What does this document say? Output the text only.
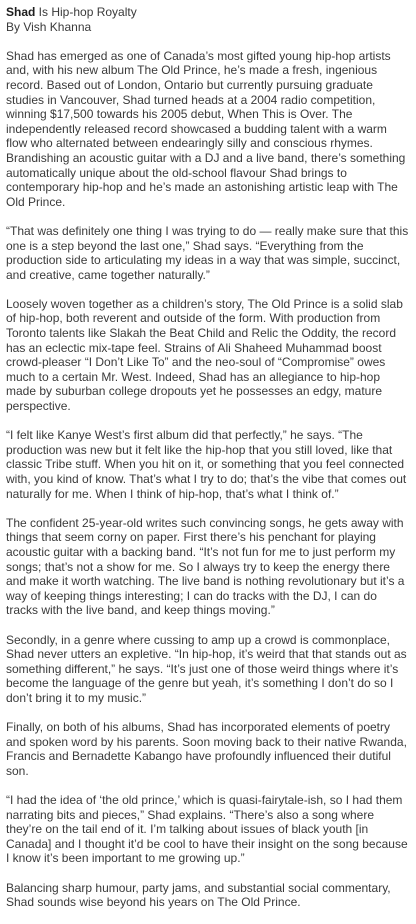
Shad Is Hip-hop Royalty
By Vish Khanna

Shad has emerged as one of Canada’s most gifted young hip-hop artists and, with his new album The Old Prince, he’s made a fresh, ingenious record. Based out of London, Ontario but currently pursuing graduate studies in Vancouver, Shad turned heads at a 2004 radio competition, winning $17,500 towards his 2005 debut, When This is Over. The independently released record showcased a budding talent with a warm flow who alternated between endearingly silly and conscious rhymes. Brandishing an acoustic guitar with a DJ and a live band, there’s something automatically unique about the old-school flavour Shad brings to contemporary hip-hop and he’s made an astonishing artistic leap with The Old Prince.

“That was definitely one thing I was trying to do — really make sure that this one is a step beyond the last one,” Shad says. “Everything from the production side to articulating my ideas in a way that was simple, succinct, and creative, came together naturally.”

Loosely woven together as a children’s story, The Old Prince is a solid slab of hip-hop, both reverent and outside of the form. With production from Toronto talents like Slakah the Beat Child and Relic the Oddity, the record has an eclectic mix-tape feel. Strains of Ali Shaheed Muhammad boost crowd-pleaser “I Don’t Like To” and the neo-soul of “Compromise” owes much to a certain Mr. West. Indeed, Shad has an allegiance to hip-hop made by suburban college dropouts yet he possesses an edgy, mature perspective.

“I felt like Kanye West’s first album did that perfectly,” he says. “The production was new but it felt like the hip-hop that you still loved, like that classic Tribe stuff. When you hit on it, or something that you feel connected with, you kind of know. That’s what I try to do; that’s the vibe that comes out naturally for me. When I think of hip-hop, that’s what I think of.”

The confident 25-year-old writes such convincing songs, he gets away with things that seem corny on paper. First there’s his penchant for playing acoustic guitar with a backing band. “It’s not fun for me to just perform my songs; that’s not a show for me. So I always try to keep the energy there and make it worth watching. The live band is nothing revolutionary but it’s a way of keeping things interesting; I can do tracks with the DJ, I can do tracks with the live band, and keep things moving.”

Secondly, in a genre where cussing to amp up a crowd is commonplace, Shad never utters an expletive. “In hip-hop, it’s weird that that stands out as something different,” he says. “It’s just one of those weird things where it’s become the language of the genre but yeah, it’s something I don’t do so I don’t bring it to my music.”

Finally, on both of his albums, Shad has incorporated elements of poetry and spoken word by his parents. Soon moving back to their native Rwanda, Francis and Bernadette Kabango have profoundly influenced their dutiful son.

“I had the idea of ‘the old prince,’ which is quasi-fairytale-ish, so I had them narrating bits and pieces,” Shad explains. “There’s also a song where they’re on the tail end of it. I’m talking about issues of black youth [in Canada] and I thought it’d be cool to have their insight on the song because I know it’s been important to me growing up.”

Balancing sharp humour, party jams, and substantial social commentary, Shad sounds wise beyond his years on The Old Prince.
